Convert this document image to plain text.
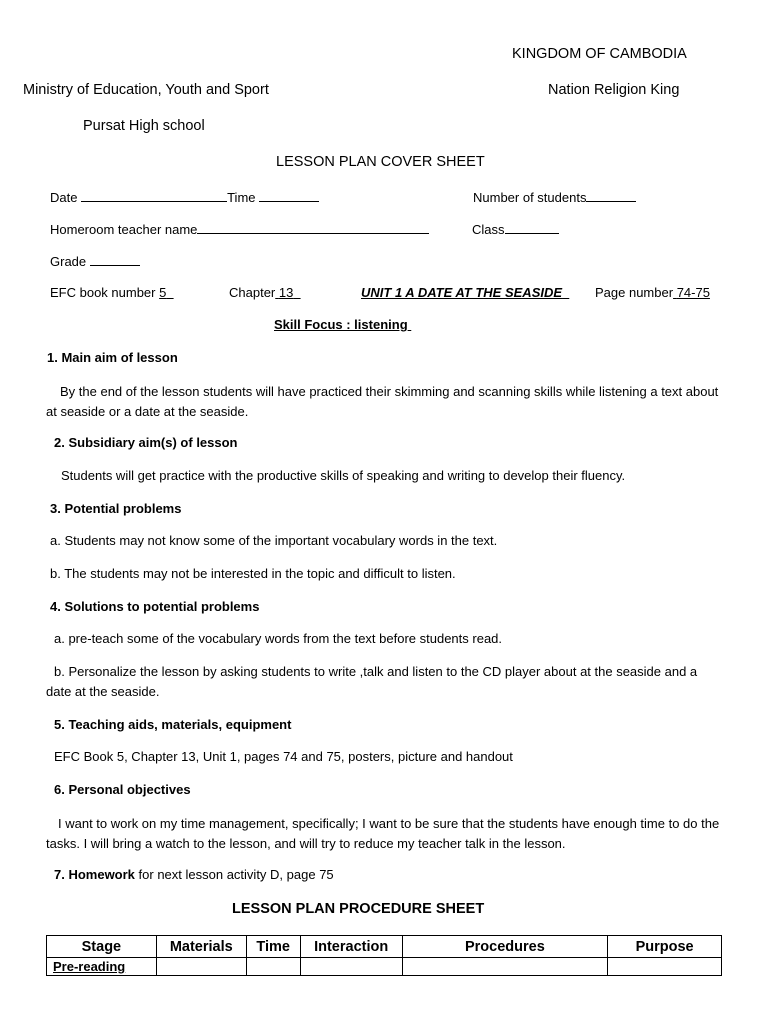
KINGDOM OF CAMBODIA
Ministry of Education, Youth and Sport	Nation Religion King
Pursat High school
LESSON PLAN COVER SHEET
Date	Time	Number of students
Homeroom teacher name	Class
Grade
EFC book number 5	Chapter 13	UNIT 1 A DATE AT THE SEASIDE	Page number 74-75
Skill Focus : listening
1. Main aim of lesson
By the end of the lesson students will have practiced their skimming and scanning skills while listening a text about at seaside or a date at the seaside.
2. Subsidiary aim(s) of lesson
Students will get practice with the productive skills of speaking and writing to develop their fluency.
3. Potential problems
a. Students may not know some of the important vocabulary words in the text.
b. The students may not be interested in the topic and difficult to listen.
4. Solutions to potential problems
a. pre-teach some of the vocabulary words from the text before students read.
b. Personalize the lesson by asking students to write ,talk and listen to the CD player about at the seaside and a date at the seaside.
5. Teaching aids, materials, equipment
EFC Book 5, Chapter 13, Unit 1, pages 74 and 75, posters, picture and handout
6. Personal objectives
I want to work on my time management, specifically; I want to be sure that the students have enough time to do the tasks. I will bring a watch to the lesson, and will try to reduce my teacher talk in the lesson.
7. Homework for next lesson activity D, page 75
LESSON PLAN PROCEDURE SHEET
Stage	Materials	Time	Interaction	Procedures	Purpose
Pre-reading					
